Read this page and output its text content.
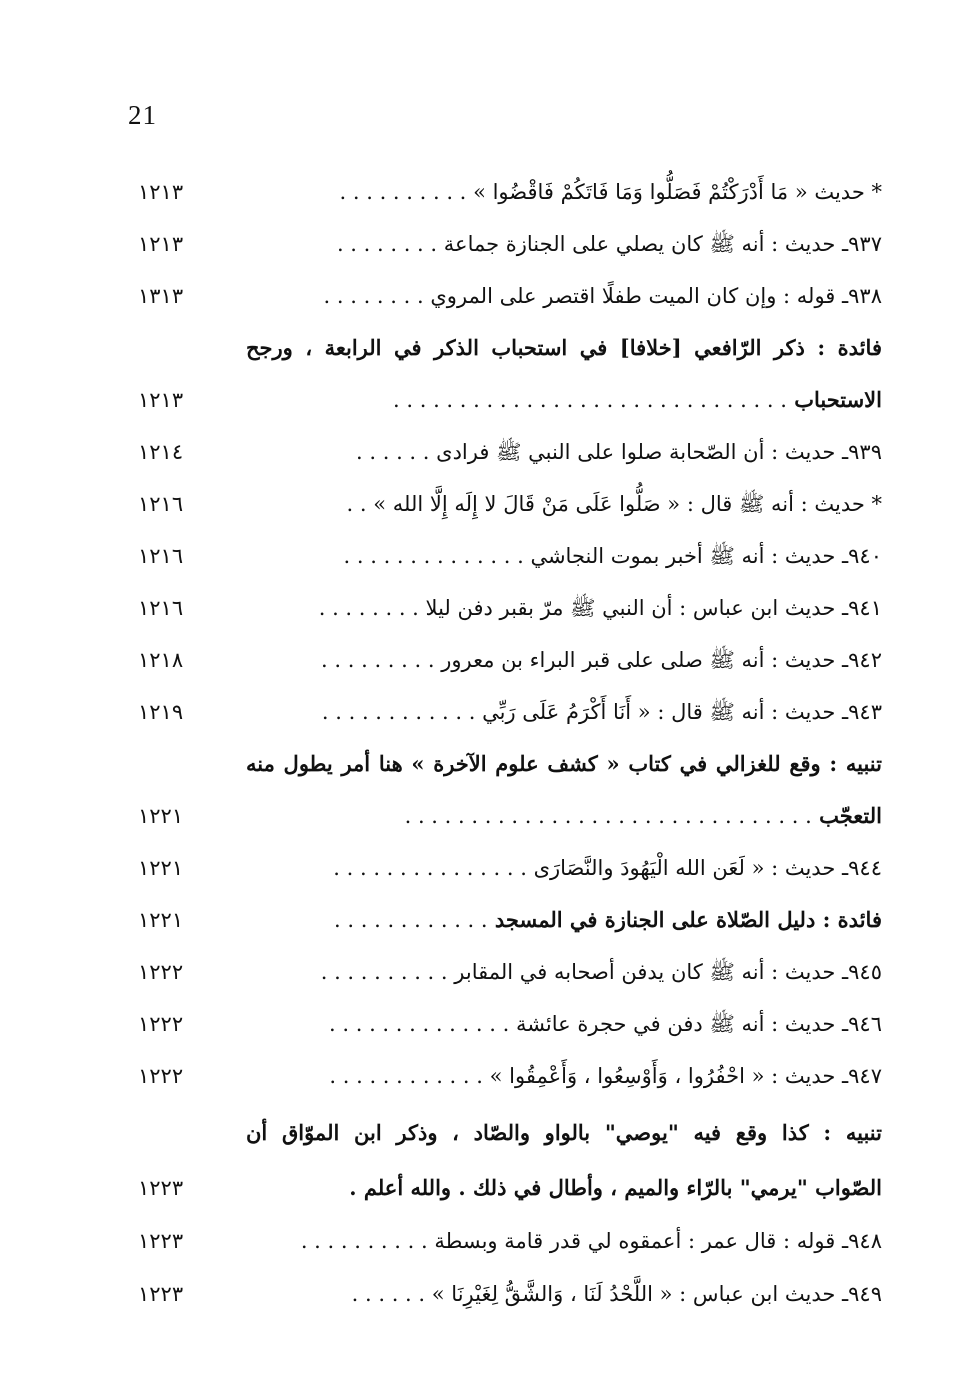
21
* حديث « مَا أَدْرَكْتُمْ فَصَلُّوا وَمَا فَاتَكُمْ فَاقْضُوا » . . . . . . . . . .
١٢١٣
٩٣٧ـ حديث : أنه ﷺ كان يصلي على الجنازة جماعة . . . . . . . .
١٢١٣
٩٣٨ـ قوله : وإن كان الميت طفلًا اقتصر على المروي . . . . . . . .
١٣١٣
فائدة : ذكر الرّافعي [خلافا] في استحباب الذكر في الرابعة ، ورجح
الاستحباب . . . . . . . . . . . . . . . . . . . . . . . . . . . . . .
١٢١٣
٩٣٩ـ حديث : أن الصّحابة صلوا على النبي ﷺ فرادى . . . . . .
١٢١٤
* حديث : أنه ﷺ قال : « صَلُّوا عَلَى مَنْ قَالَ لا إِلَه إِلَّا الله » . .
١٢١٦
٩٤٠ـ حديث : أنه ﷺ أخبر بموت النجاشي . . . . . . . . . . . . . .
١٢١٦
٩٤١ـ حديث ابن عباس : أن النبي ﷺ مرّ بقبر دفن ليلا . . . . . . . .
١٢١٦
٩٤٢ـ حديث : أنه ﷺ صلى على قبر البراء بن معرور . . . . . . . . .
١٢١٨
٩٤٣ـ حديث : أنه ﷺ قال : « أَنَا أَكْرَمُ عَلَى رَبِّي . . . . . . . . . . . .
١٢١٩
تنبيه : وقع للغزالي في كتاب « كشف علوم الآخرة » هنا أمر يطول منه
التعجّب . . . . . . . . . . . . . . . . . . . . . . . . . . . . . . .
١٢٢١
٩٤٤ـ حديث : « لَعَن الله الْيَهُودَ والنَّصَارَى . . . . . . . . . . . . . . .
١٢٢١
فائدة : دليل الصّلاة على الجنازة في المسجد . . . . . . . . . . . .
١٢٢١
٩٤٥ـ حديث : أنه ﷺ كان يدفن أصحابه في المقابر . . . . . . . . . .
١٢٢٢
٩٤٦ـ حديث : أنه ﷺ دفن في حجرة عائشة . . . . . . . . . . . . . .
١٢٢٢
٩٤٧ـ حديث : « احْفُرُوا ، وَأَوْسِعُوا ، وَأَعْمِقُوا » . . . . . . . . . . . .
١٢٢٢
تنبيه : كذا وقع فيه "يوصي" بالواو والصّاد ، وذكر ابن الموّاق أن
الصّواب "يرمي" بالرّاء والميم ، وأطال في ذلك . والله أعلم .
١٢٢٣
٩٤٨ـ قوله : قال عمر : أعمقوه لي قدر قامة وبسطة . . . . . . . . . .
١٢٢٣
٩٤٩ـ حديث ابن عباس : « اللَّحْدُ لَنَا ، وَالشَّقُّ لِغَيْرِنَا » . . . . . .
١٢٢٣
